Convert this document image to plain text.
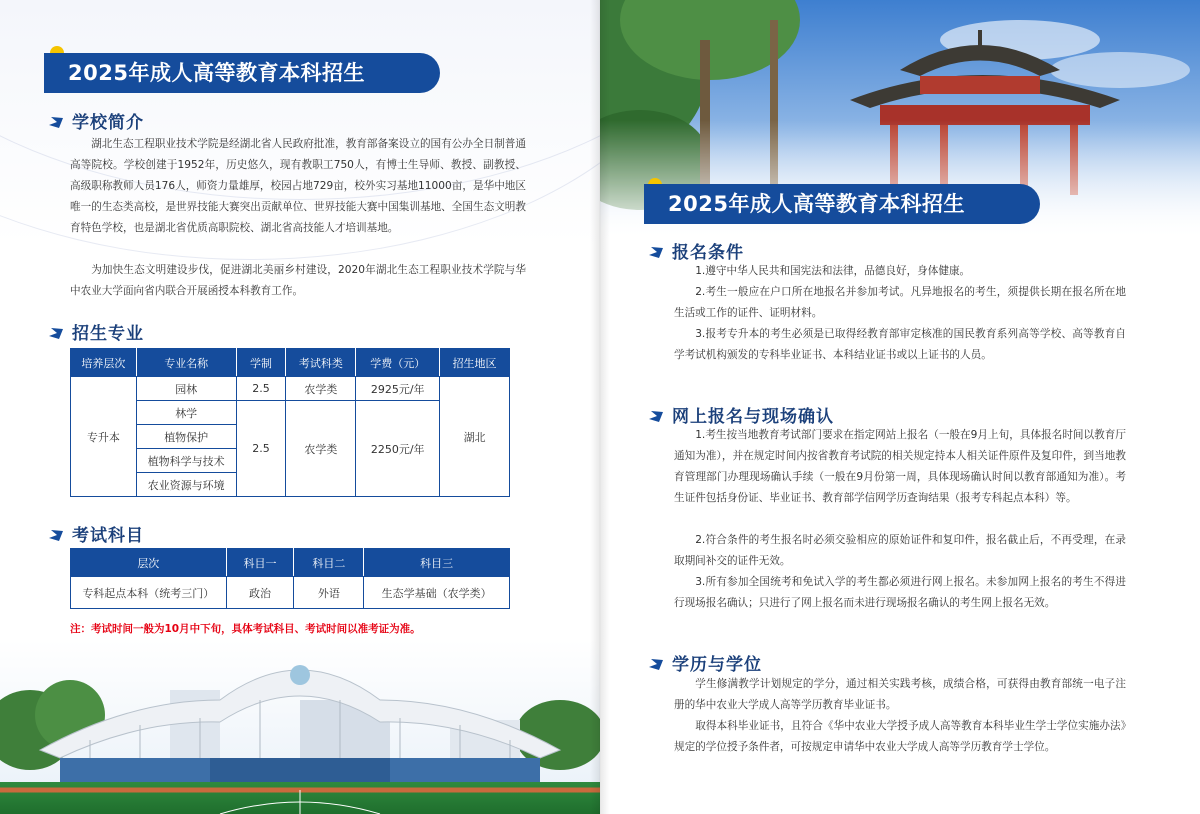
2025年成人高等教育本科招生
学校简介
湖北生态工程职业技术学院是经湖北省人民政府批准，教育部备案设立的国有公办全日制普通高等院校。学校创建于1952年，历史悠久，现有教职工750人，有博士生导师、教授、副教授、高级职称教师人员176人，师资力量雄厚，校园占地729亩，校外实习基地11000亩，是华中地区唯一的生态类高校，是世界技能大赛突出贡献单位、世界技能大赛中国集训基地、全国生态文明教育特色学校，也是湖北省优质高职院校、湖北省高技能人才培训基地。
为加快生态文明建设步伐，促进湖北美丽乡村建设，2020年湖北生态工程职业技术学院与华中农业大学面向省内联合开展函授本科教育工作。
招生专业
培养层次	专业名称	学制	考试科类	学费（元）	招生地区
专升本	园林	2.5	农学类	2925元/年	湖北
	林学	2.5	农学类	2250元/年	
	植物保护				
	植物科学与技术				
	农业资源与环境				
考试科目
层次	科目一	科目二	科目三
专科起点本科（统考三门）	政治	外语	生态学基础（农学类）
注：考试时间一般为10月中下旬，具体考试科目、考试时间以准考证为准。
2025年成人高等教育本科招生
报名条件
1.遵守中华人民共和国宪法和法律，品德良好，身体健康。
2.考生一般应在户口所在地报名并参加考试。凡异地报名的考生，须提供长期在报名所在地生活或工作的证件、证明材料。
3.报考专升本的考生必须是已取得经教育部审定核准的国民教育系列高等学校、高等教育自学考试机构颁发的专科毕业证书、本科结业证书或以上证书的人员。
网上报名与现场确认
1.考生按当地教育考试部门要求在指定网站上报名（一般在9月上旬，具体报名时间以教育厅通知为准），并在规定时间内按省教育考试院的相关规定持本人相关证件原件及复印件，到当地教育管理部门办理现场确认手续（一般在9月份第一周，具体现场确认时间以教育部通知为准）。考生证件包括身份证、毕业证书、教育部学信网学历查询结果（报考专科起点本科）等。
2.符合条件的考生报名时必须交验相应的原始证件和复印件，报名截止后，不再受理，在录取期间补交的证件无效。
3.所有参加全国统考和免试入学的考生都必须进行网上报名。未参加网上报名的考生不得进行现场报名确认；只进行了网上报名而未进行现场报名确认的考生网上报名无效。
学历与学位
学生修满教学计划规定的学分，通过相关实践考核，成绩合格，可获得由教育部统一电子注册的华中农业大学成人高等学历教育毕业证书。
取得本科毕业证书，且符合《华中农业大学授予成人高等教育本科毕业生学士学位实施办法》规定的学位授予条件者，可按规定申请华中农业大学成人高等学历教育学士学位。
